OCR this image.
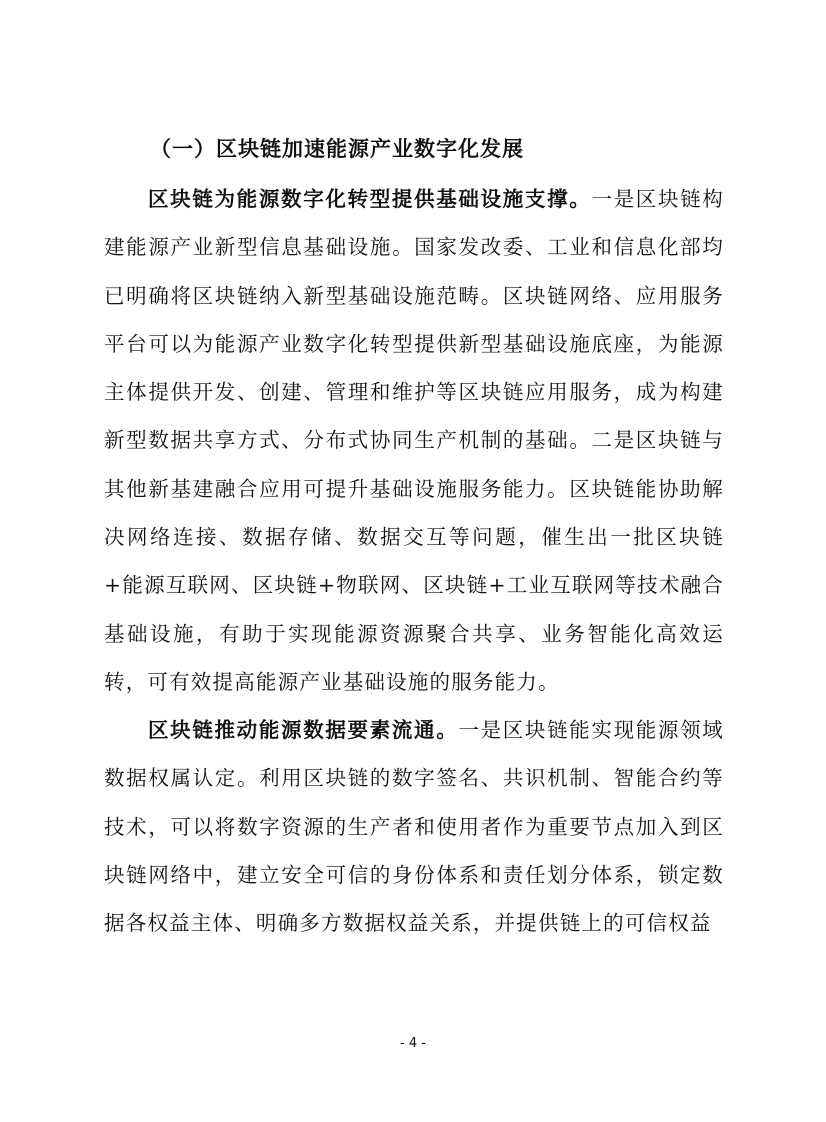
（一）区块链加速能源产业数字化发展
区块链为能源数字化转型提供基础设施支撑。一是区块链构建能源产业新型信息基础设施。国家发改委、工业和信息化部均已明确将区块链纳入新型基础设施范畴。区块链网络、应用服务平台可以为能源产业数字化转型提供新型基础设施底座，为能源主体提供开发、创建、管理和维护等区块链应用服务，成为构建新型数据共享方式、分布式协同生产机制的基础。二是区块链与其他新基建融合应用可提升基础设施服务能力。区块链能协助解决网络连接、数据存储、数据交互等问题，催生出一批区块链+能源互联网、区块链+物联网、区块链+工业互联网等技术融合基础设施，有助于实现能源资源聚合共享、业务智能化高效运转，可有效提高能源产业基础设施的服务能力。
区块链推动能源数据要素流通。一是区块链能实现能源领域数据权属认定。利用区块链的数字签名、共识机制、智能合约等技术，可以将数字资源的生产者和使用者作为重要节点加入到区块链网络中，建立安全可信的身份体系和责任划分体系，锁定数据各权益主体、明确多方数据权益关系，并提供链上的可信权益
- 4 -
